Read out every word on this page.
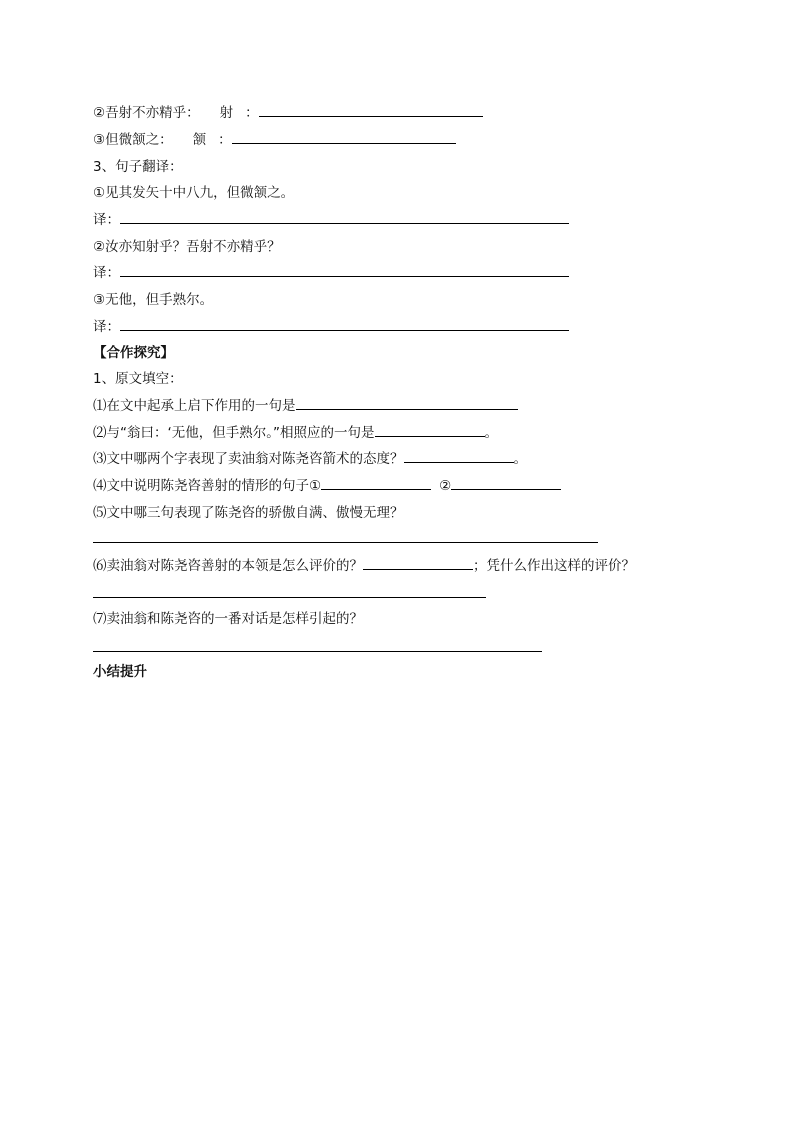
②吾射不亦精乎： 射 ：
③但微颔之： 颔 ：
3、句子翻译：
①见其发矢十中八九，但微颔之。
译：
②汝亦知射乎？吾射不亦精乎？
译：
③无他，但手熟尔。
译：
【合作探究】
1、原文填空：
⑴在文中起承上启下作用的一句是
⑵与“翁曰：‘无他，但手熟尔。”相照应的一句是	。
⑶文中哪两个字表现了卖油翁对陈尧咨箭术的态度？	。
⑷文中说明陈尧咨善射的情形的句子①	②
⑸文中哪三句表现了陈尧咨的骄傲自满、傲慢无理？
⑹卖油翁对陈尧咨善射的本领是怎么评价的？	；凭什么作出这样的评价？
⑺卖油翁和陈尧咨的一番对话是怎样引起的？
小结提升
